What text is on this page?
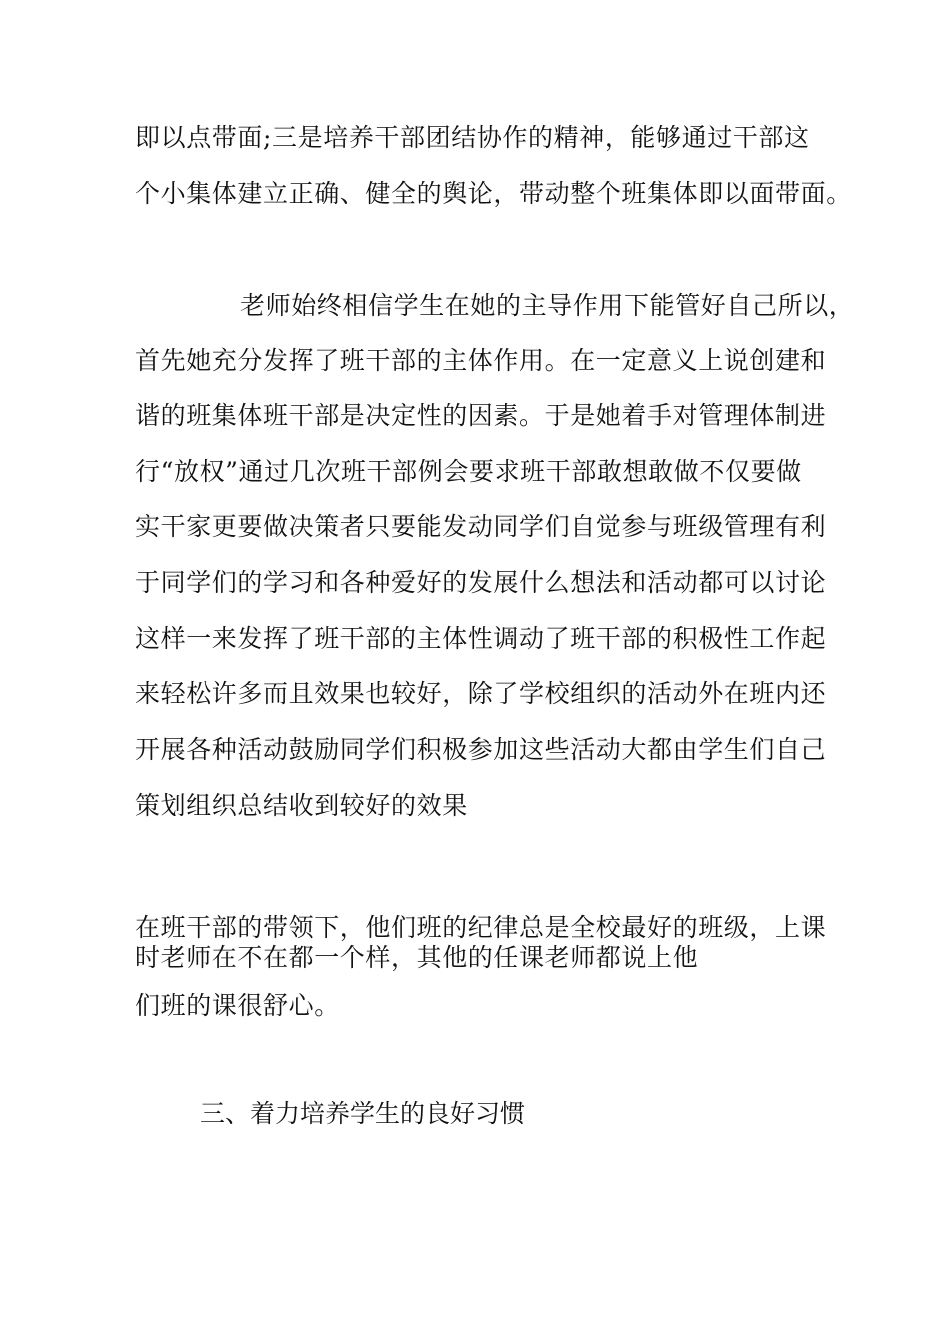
即以点带面;三是培养干部团结协作的精神，能够通过干部这
个小集体建立正确、健全的舆论，带动整个班集体即以面带面。
老师始终相信学生在她的主导作用下能管好自己所以，
首先她充分发挥了班干部的主体作用。在一定意义上说创建和
谐的班集体班干部是决定性的因素。于是她着手对管理体制进
行“放权”通过几次班干部例会要求班干部敢想敢做不仅要做
实干家更要做决策者只要能发动同学们自觉参与班级管理有利
于同学们的学习和各种爱好的发展什么想法和活动都可以讨论
这样一来发挥了班干部的主体性调动了班干部的积极性工作起
来轻松许多而且效果也较好，除了学校组织的活动外在班内还
开展各种活动鼓励同学们积极参加这些活动大都由学生们自己
策划组织总结收到较好的效果
在班干部的带领下，他们班的纪律总是全校最好的班级，上课
时老师在不在都一个样，其他的任课老师都说上他
们班的课很舒心。
三、着力培养学生的良好习惯
